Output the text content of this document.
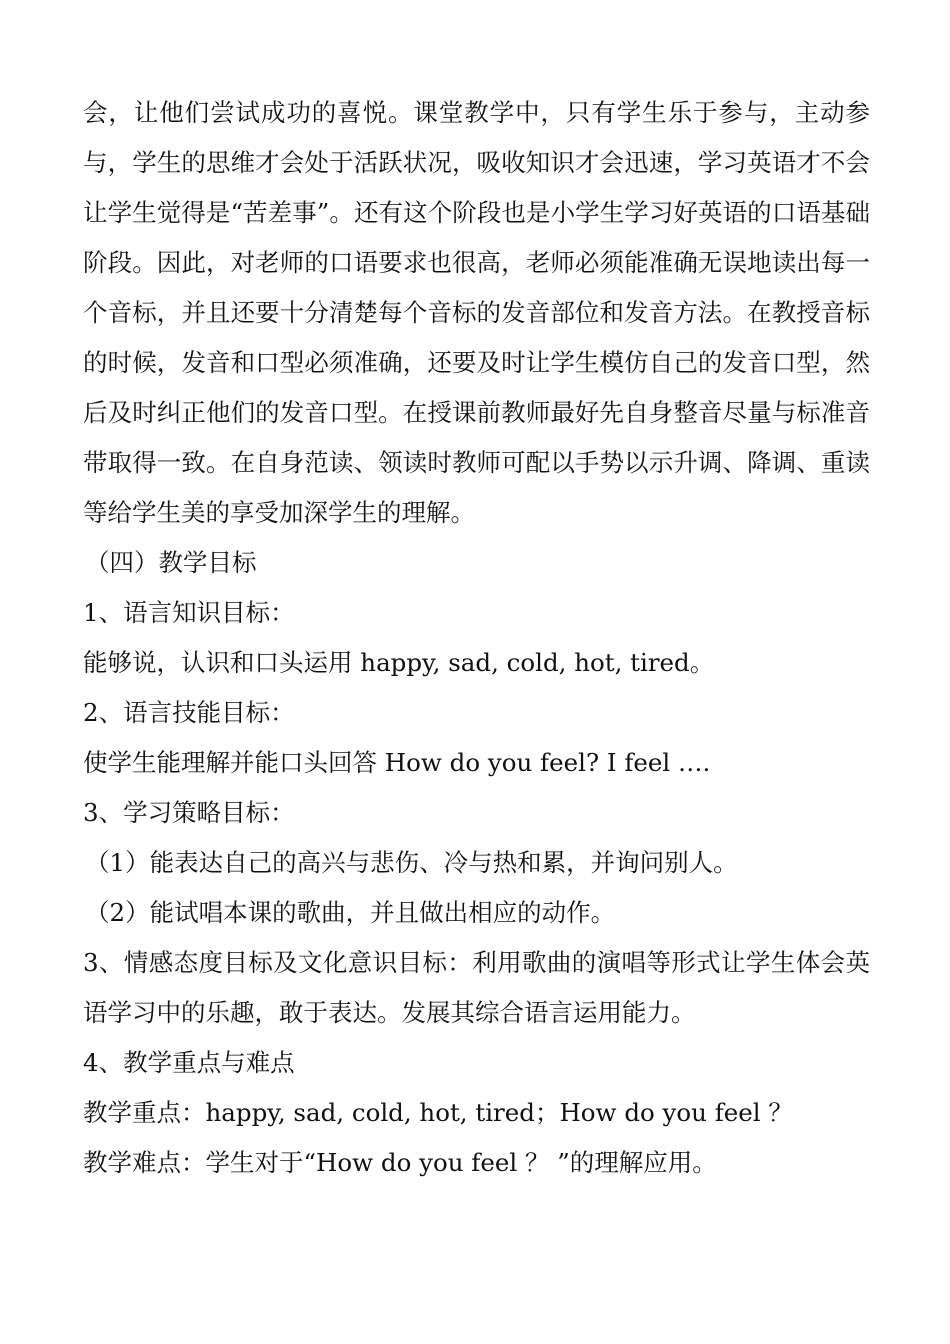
会，让他们尝试成功的喜悦。课堂教学中，只有学生乐于参与，主动参与，学生的思维才会处于活跃状况，吸收知识才会迅速，学习英语才不会让学生觉得是“苦差事”。还有这个阶段也是小学生学习好英语的口语基础阶段。因此，对老师的口语要求也很高，老师必须能准确无误地读出每一个音标，并且还要十分清楚每个音标的发音部位和发音方法。在教授音标的时候，发音和口型必须准确，还要及时让学生模仿自己的发音口型，然后及时纠正他们的发音口型。在授课前教师最好先自身整音尽量与标准音带取得一致。在自身范读、领读时教师可配以手势以示升调、降调、重读等给学生美的享受加深学生的理解。

（四）教学目标

1、语言知识目标：

能够说，认识和口头运用 happy, sad, cold, hot, tired。

2、语言技能目标：

使学生能理解并能口头回答 How do you feel? I feel ….

3、学习策略目标：

（1）能表达自己的高兴与悲伤、冷与热和累，并询问别人。

（2）能试唱本课的歌曲，并且做出相应的动作。

3、情感态度目标及文化意识目标：利用歌曲的演唱等形式让学生体会英语学习中的乐趣，敢于表达。发展其综合语言运用能力。

4、教学重点与难点

教学重点：happy, sad, cold, hot, tired；How do you feel ？

教学难点：学生对于“How do you feel ？ ”的理解应用。
